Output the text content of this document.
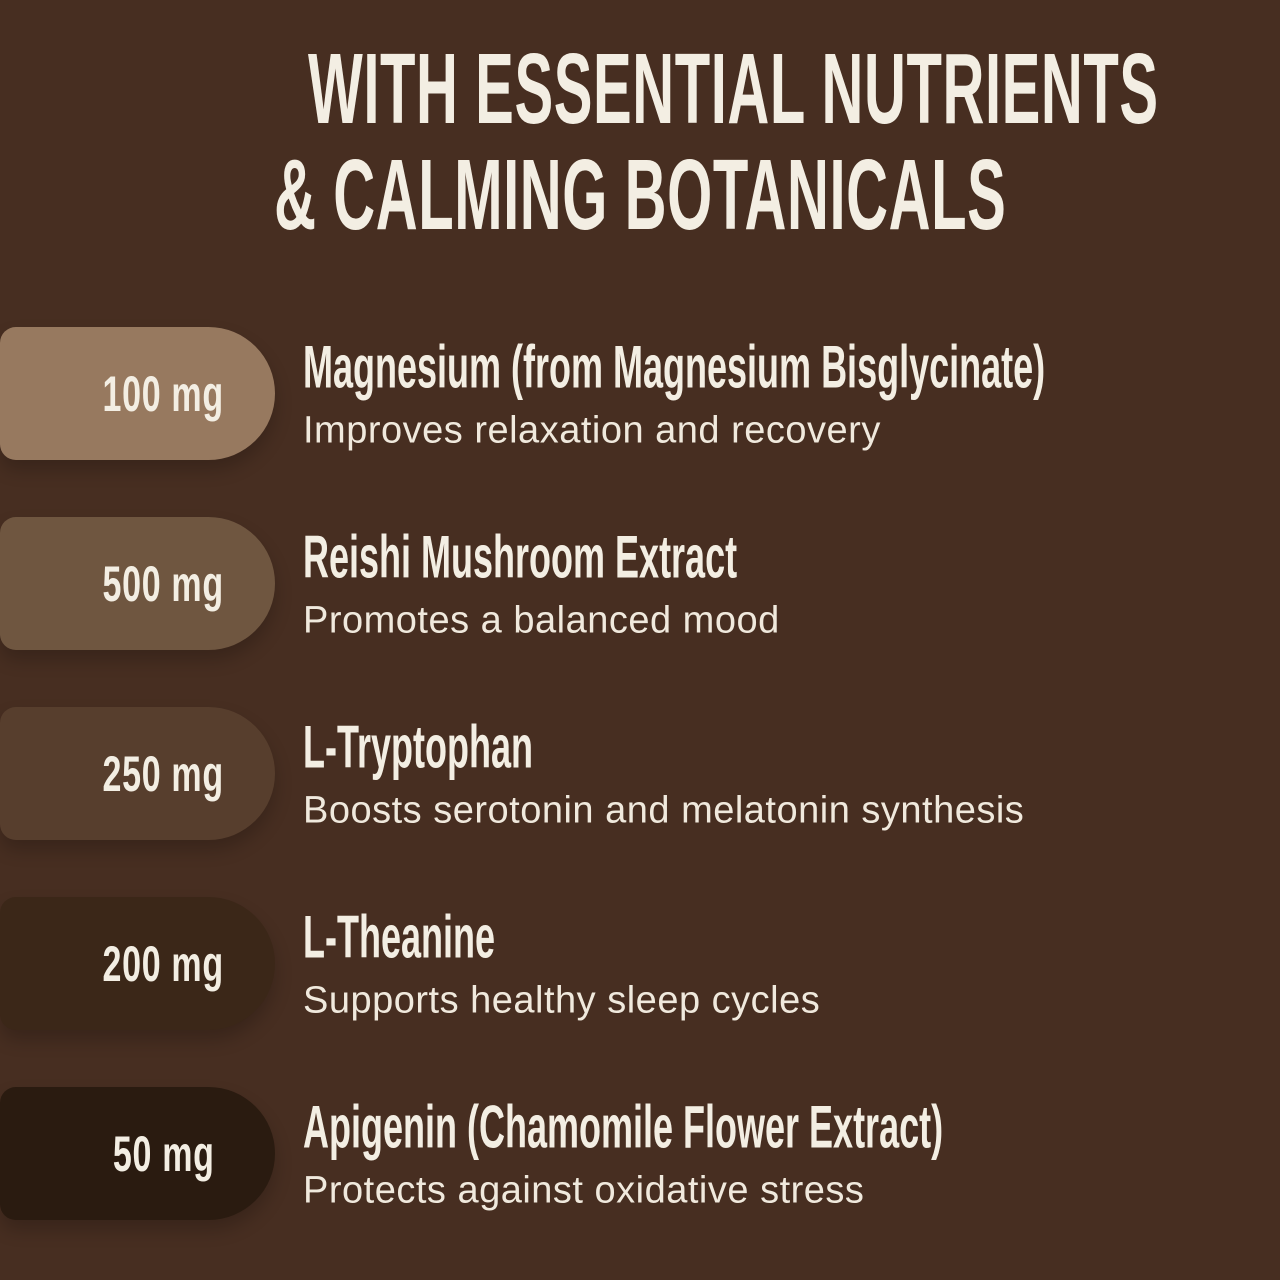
WITH ESSENTIAL NUTRIENTS
& CALMING BOTANICALS
100 mg Magnesium (from Magnesium Bisglycinate)
Improves relaxation and recovery
500 mg Reishi Mushroom Extract
Promotes a balanced mood
250 mg L-Tryptophan
Boosts serotonin and melatonin synthesis
200 mg L-Theanine
Supports healthy sleep cycles
50 mg Apigenin (Chamomile Flower Extract)
Protects against oxidative stress
